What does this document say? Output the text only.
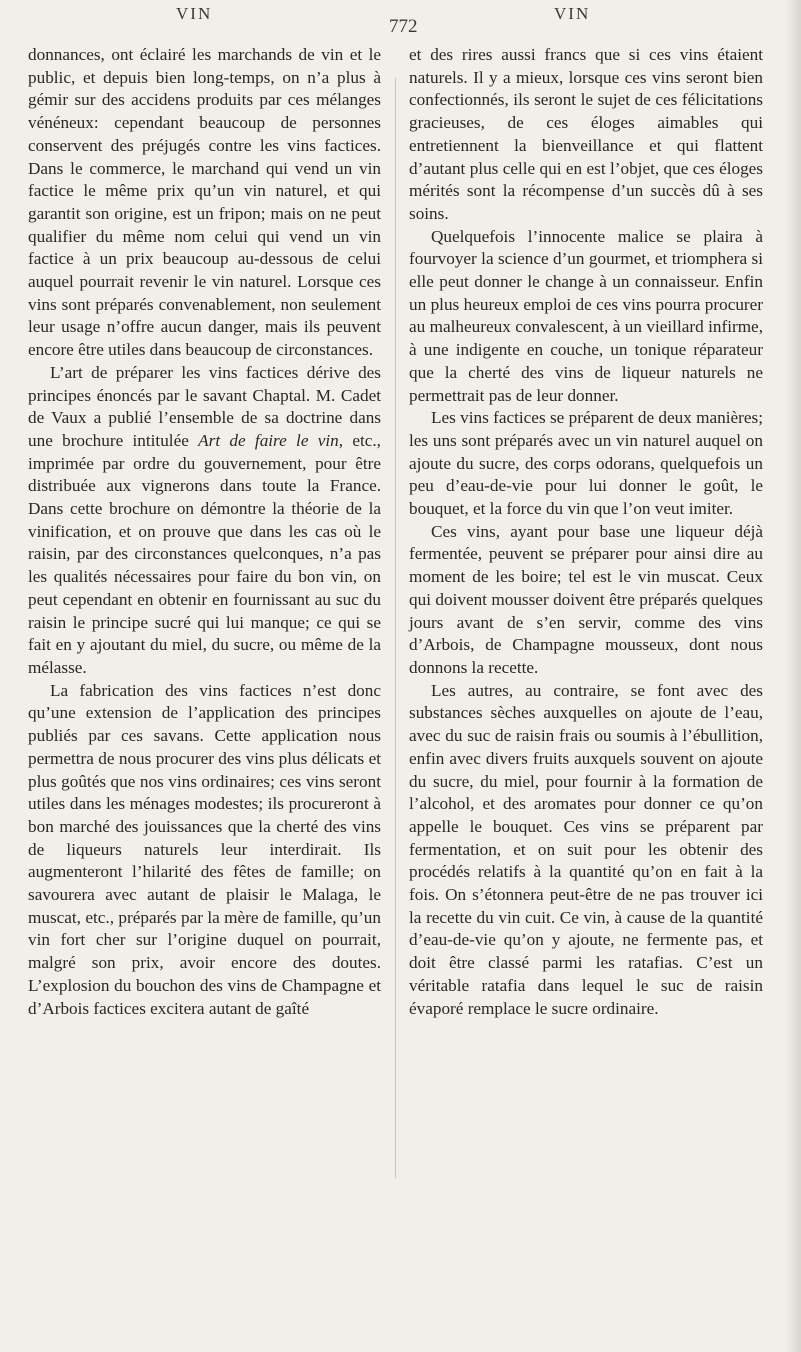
VIN
772
VIN

donnances, ont éclairé les marchands de vin et le public, et depuis bien long-temps, on n’a plus à gémir sur des accidens produits par ces mélanges vénéneux: cependant beaucoup de personnes conservent des préjugés contre les vins factices. Dans le commerce, le marchand qui vend un vin factice le même prix qu’un vin naturel, et qui garantit son origine, est un fripon; mais on ne peut qualifier du même nom celui qui vend un vin factice à un prix beaucoup au-dessous de celui auquel pourrait revenir le vin naturel. Lorsque ces vins sont préparés convenablement, non seulement leur usage n’offre aucun danger, mais ils peuvent encore être utiles dans beaucoup de circonstances.

L’art de préparer les vins factices dérive des principes énoncés par le savant Chaptal. M. Cadet de Vaux a publié l’ensemble de sa doctrine dans une brochure intitulée Art de faire le vin, etc., imprimée par ordre du gouvernement, pour être distribuée aux vignerons dans toute la France. Dans cette brochure on démontre la théorie de la vinification, et on prouve que dans les cas où le raisin, par des circonstances quelconques, n’a pas les qualités nécessaires pour faire du bon vin, on peut cependant en obtenir en fournissant au suc du raisin le principe sucré qui lui manque; ce qui se fait en y ajoutant du miel, du sucre, ou même de la mélasse.

La fabrication des vins factices n’est donc qu’une extension de l’application des principes publiés par ces savans. Cette application nous permettra de nous procurer des vins plus délicats et plus goûtés que nos vins ordinaires; ces vins seront utiles dans les ménages modestes; ils procureront à bon marché des jouissances que la cherté des vins de liqueurs naturels leur interdirait. Ils augmenteront l’hilarité des fêtes de famille; on savourera avec autant de plaisir le Malaga, le muscat, etc., préparés par la mère de famille, qu’un vin fort cher sur l’origine duquel on pourrait, malgré son prix, avoir encore des doutes. L’explosion du bouchon des vins de Champagne et d’Arbois factices excitera autant de gaîté

et des rires aussi francs que si ces vins étaient naturels. Il y a mieux, lorsque ces vins seront bien confectionnés, ils seront le sujet de ces félicitations gracieuses, de ces éloges aimables qui entretiennent la bienveillance et qui flattent d’autant plus celle qui en est l’objet, que ces éloges mérités sont la récompense d’un succès dû à ses soins.

Quelquefois l’innocente malice se plaira à fourvoyer la science d’un gourmet, et triomphera si elle peut donner le change à un connaisseur. Enfin un plus heureux emploi de ces vins pourra procurer au malheureux convalescent, à un vieillard infirme, à une indigente en couche, un tonique réparateur que la cherté des vins de liqueur naturels ne permettrait pas de leur donner.

Les vins factices se préparent de deux manières; les uns sont préparés avec un vin naturel auquel on ajoute du sucre, des corps odorans, quelquefois un peu d’eau-de-vie pour lui donner le goût, le bouquet, et la force du vin que l’on veut imiter.

Ces vins, ayant pour base une liqueur déjà fermentée, peuvent se préparer pour ainsi dire au moment de les boire; tel est le vin muscat. Ceux qui doivent mousser doivent être préparés quelques jours avant de s’en servir, comme des vins d’Arbois, de Champagne mousseux, dont nous donnons la recette.

Les autres, au contraire, se font avec des substances sèches auxquelles on ajoute de l’eau, avec du suc de raisin frais ou soumis à l’ébullition, enfin avec divers fruits auxquels souvent on ajoute du sucre, du miel, pour fournir à la formation de l’alcohol, et des aromates pour donner ce qu’on appelle le bouquet. Ces vins se préparent par fermentation, et on suit pour les obtenir des procédés relatifs à la quantité qu’on en fait à la fois. On s’étonnera peut-être de ne pas trouver ici la recette du vin cuit. Ce vin, à cause de la quantité d’eau-de-vie qu’on y ajoute, ne fermente pas, et doit être classé parmi les ratafias. C’est un véritable ratafia dans lequel le suc de raisin évaporé remplace le sucre ordinaire.
